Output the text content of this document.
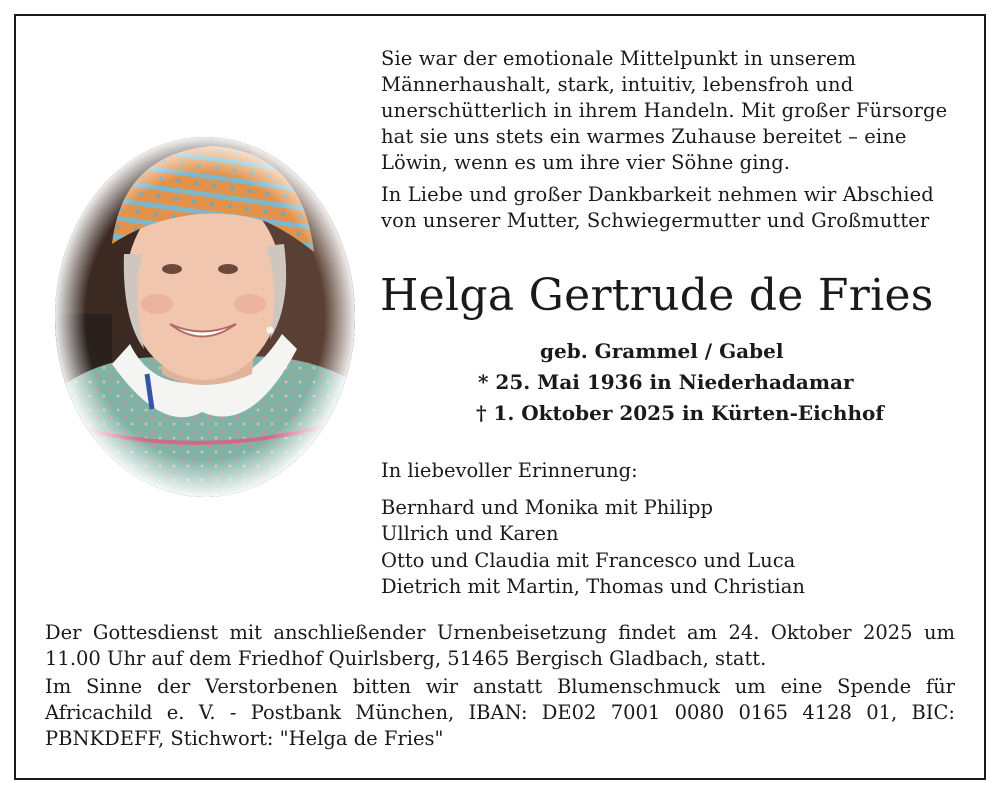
Sie war der emotionale Mittelpunkt in unserem
Männerhaushalt, stark, intuitiv, lebensfroh und
unerschütterlich in ihrem Handeln. Mit großer Fürsorge
hat sie uns stets ein warmes Zuhause bereitet – eine
Löwin, wenn es um ihre vier Söhne ging.

In Liebe und großer Dankbarkeit nehmen wir Abschied
von unserer Mutter, Schwiegermutter und Großmutter

Helga Gertrude de Fries
geb. Grammel / Gabel
* 25. Mai 1936 in Niederhadamar
† 1. Oktober 2025 in Kürten-Eichhof
In liebevoller Erinnerung:
Bernhard und Monika mit Philipp
Ullrich und Karen
Otto und Claudia mit Francesco und Luca
Dietrich mit Martin, Thomas und Christian

Der Gottesdienst mit anschließender Urnenbeisetzung findet am 24. Oktober 2025 um 11.00 Uhr auf dem Friedhof Quirlsberg, 51465 Bergisch Gladbach, statt.

Im Sinne der Verstorbenen bitten wir anstatt Blumenschmuck um eine Spende für Africachild e. V. - Postbank München, IBAN: DE02 7001 0080 0165 4128 01, BIC: PBNKDEFF, Stichwort: "Helga de Fries"
